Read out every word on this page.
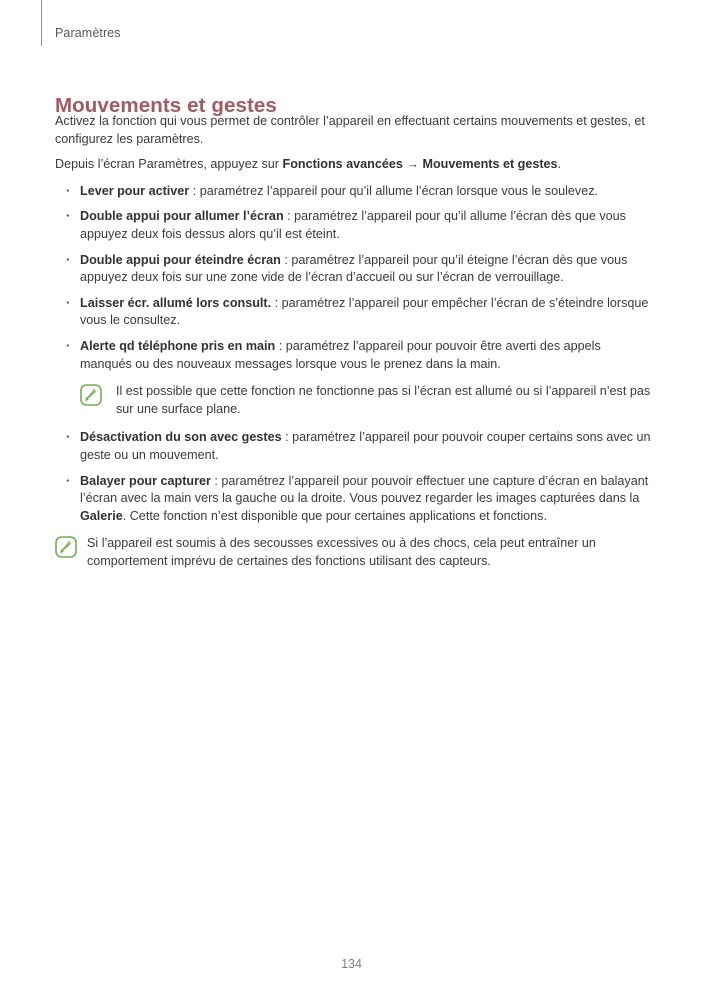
Paramètres
Mouvements et gestes

Activez la fonction qui vous permet de contrôler l’appareil en effectuant certains mouvements et gestes, et configurez les paramètres.

Depuis l’écran Paramètres, appuyez sur Fonctions avancées → Mouvements et gestes.

· Lever pour activer : paramétrez l’appareil pour qu’il allume l’écran lorsque vous le soulevez.
· Double appui pour allumer l’écran : paramétrez l’appareil pour qu’il allume l’écran dès que vous appuyez deux fois dessus alors qu’il est éteint.
· Double appui pour éteindre écran : paramétrez l’appareil pour qu’il éteigne l’écran dès que vous appuyez deux fois sur une zone vide de l’écran d’accueil ou sur l’écran de verrouillage.
· Laisser écr. allumé lors consult. : paramétrez l’appareil pour empêcher l’écran de s’éteindre lorsque vous le consultez.
· Alerte qd téléphone pris en main : paramétrez l’appareil pour pouvoir être averti des appels manqués ou des nouveaux messages lorsque vous le prenez dans la main.
Il est possible que cette fonction ne fonctionne pas si l’écran est allumé ou si l’appareil n’est pas sur une surface plane.
· Désactivation du son avec gestes : paramétrez l’appareil pour pouvoir couper certains sons avec un geste ou un mouvement.
· Balayer pour capturer : paramétrez l’appareil pour pouvoir effectuer une capture d’écran en balayant l’écran avec la main vers la gauche ou la droite. Vous pouvez regarder les images capturées dans la Galerie. Cette fonction n’est disponible que pour certaines applications et fonctions.
Si l’appareil est soumis à des secousses excessives ou à des chocs, cela peut entraîner un comportement imprévu de certaines des fonctions utilisant des capteurs.
134
